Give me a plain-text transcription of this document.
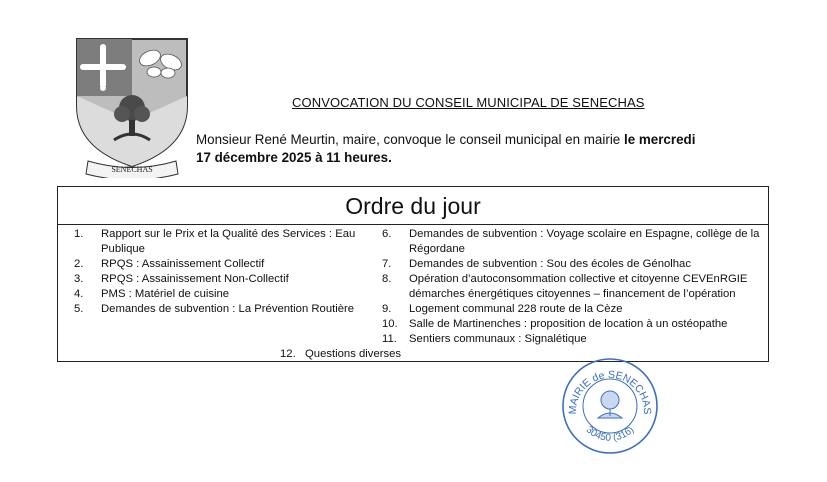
SENECHAS
CONVOCATION DU CONSEIL MUNICIPAL DE SENECHAS
Monsieur René Meurtin, maire, convoque le conseil municipal en mairie le mercredi
17 décembre 2025 à 11 heures.
Ordre du jour
1.	Rapport sur le Prix et la Qualité des Services : Eau Publique
2.	RPQS : Assainissement Collectif
3.	RPQS : Assainissement Non-Collectif
4.	PMS : Matériel de cuisine
5.	Demandes de subvention : La Prévention Routière
6.	Demandes de subvention : Voyage scolaire en Espagne, collège de la Régordane
7.	Demandes de subvention : Sou des écoles de Génolhac
8.	Opération d’autoconsommation collective et citoyenne CEVEnRGIE démarches énergétiques citoyennes – financement de l’opération
9.	Logement communal 228 route de la Cèze
10. Salle de Martinenches : proposition de location à un ostéopathe
11.	Sentiers communaux : Signalétique
12. Questions diverses
MAIRIE de SENECHAS
30450 (316)
